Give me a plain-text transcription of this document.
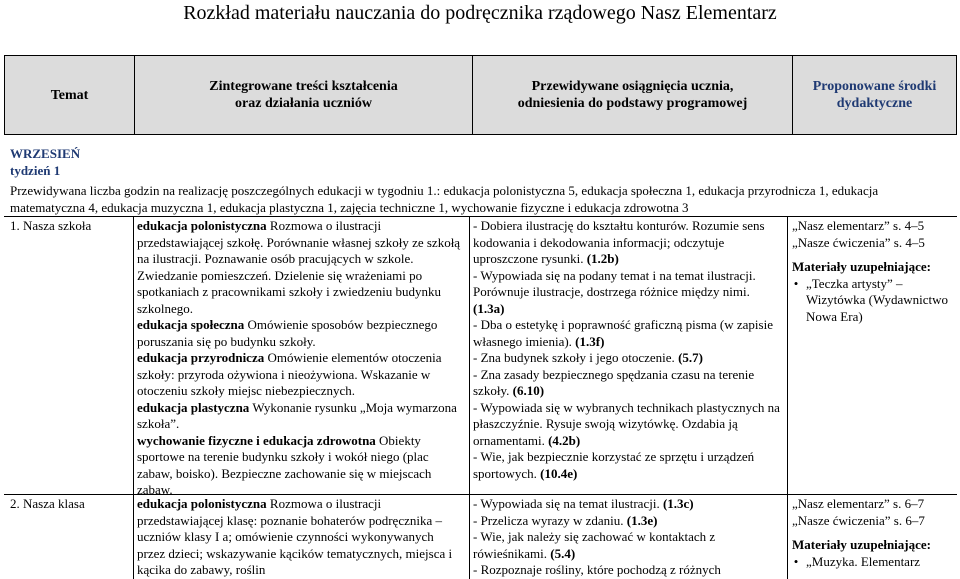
Rozkład materiału nauczania do podręcznika rządowego Nasz Elementarz
Temat
Zintegrowane treści kształcenia
oraz działania uczniów
Przewidywane osiągnięcia ucznia,
odniesienia do podstawy programowej
Proponowane środki
dydaktyczne
WRZESIEŃ
tydzień 1
Przewidywana liczba godzin na realizację poszczególnych edukacji w tygodniu 1.: edukacja polonistyczna 5, edukacja społeczna 1, edukacja przyrodnicza 1, edukacja matematyczna 4, edukacja muzyczna 1, edukacja plastyczna 1, zajęcia techniczne 1, wychowanie fizyczne i edukacja zdrowotna 3
1. Nasza szkoła	edukacja polonistyczna Rozmowa o ilustracji przedstawiającej szkołę. Porównanie własnej szkoły ze szkołą na ilustracji. Poznawanie osób pracujących w szkole. Zwiedzanie pomieszczeń. Dzielenie się wrażeniami po spotkaniach z pracownikami szkoły i zwiedzeniu budynku szkolnego.
edukacja społeczna Omówienie sposobów bezpiecznego poruszania się po budynku szkoły.
edukacja przyrodnicza Omówienie elementów otoczenia szkoły: przyroda ożywiona i nieożywiona. Wskazanie w otoczeniu szkoły miejsc niebezpiecznych.
edukacja plastyczna Wykonanie rysunku „Moja wymarzona szkoła”.
wychowanie fizyczne i edukacja zdrowotna Obiekty sportowe na terenie budynku szkoły i wokół niego (plac zabaw, boisko). Bezpieczne zachowanie się w miejscach zabaw.
- Dobiera ilustrację do kształtu konturów. Rozumie sens kodowania i dekodowania informacji; odczytuje uproszczone rysunki. (1.2b)
- Wypowiada się na podany temat i na temat ilustracji. Porównuje ilustracje, dostrzega różnice między nimi. (1.3a)
- Dba o estetykę i poprawność graficzną pisma (w zapisie własnego imienia). (1.3f)
- Zna budynek szkoły i jego otoczenie. (5.7)
- Zna zasady bezpiecznego spędzania czasu na terenie szkoły. (6.10)
- Wypowiada się w wybranych technikach plastycznych na płaszczyźnie. Rysuje swoją wizytówkę. Ozdabia ją ornamentami. (4.2b)
- Wie, jak bezpiecznie korzystać ze sprzętu i urządzeń sportowych. (10.4e)
„Nasz elementarz” s. 4–5
„Nasze ćwiczenia” s. 4–5
Materiały uzupełniające:
• „Teczka artysty” – Wizytówka (Wydawnictwo Nowa Era)
2. Nasza klasa	edukacja polonistyczna Rozmowa o ilustracji przedstawiającej klasę: poznanie bohaterów podręcznika – uczniów klasy I a; omówienie czynności wykonywanych przez dzieci; wskazywanie kącików tematycznych, miejsca i kącika do zabawy, roślin
- Wypowiada się na temat ilustracji. (1.3c)
- Przelicza wyrazy w zdaniu. (1.3e)
- Wie, jak należy się zachować w kontaktach z rówieśnikami. (5.4)
- Rozpoznaje rośliny, które pochodzą z różnych
„Nasz elementarz” s. 6–7
„Nasze ćwiczenia” s. 6–7
Materiały uzupełniające:
• „Muzyka. Elementarz
